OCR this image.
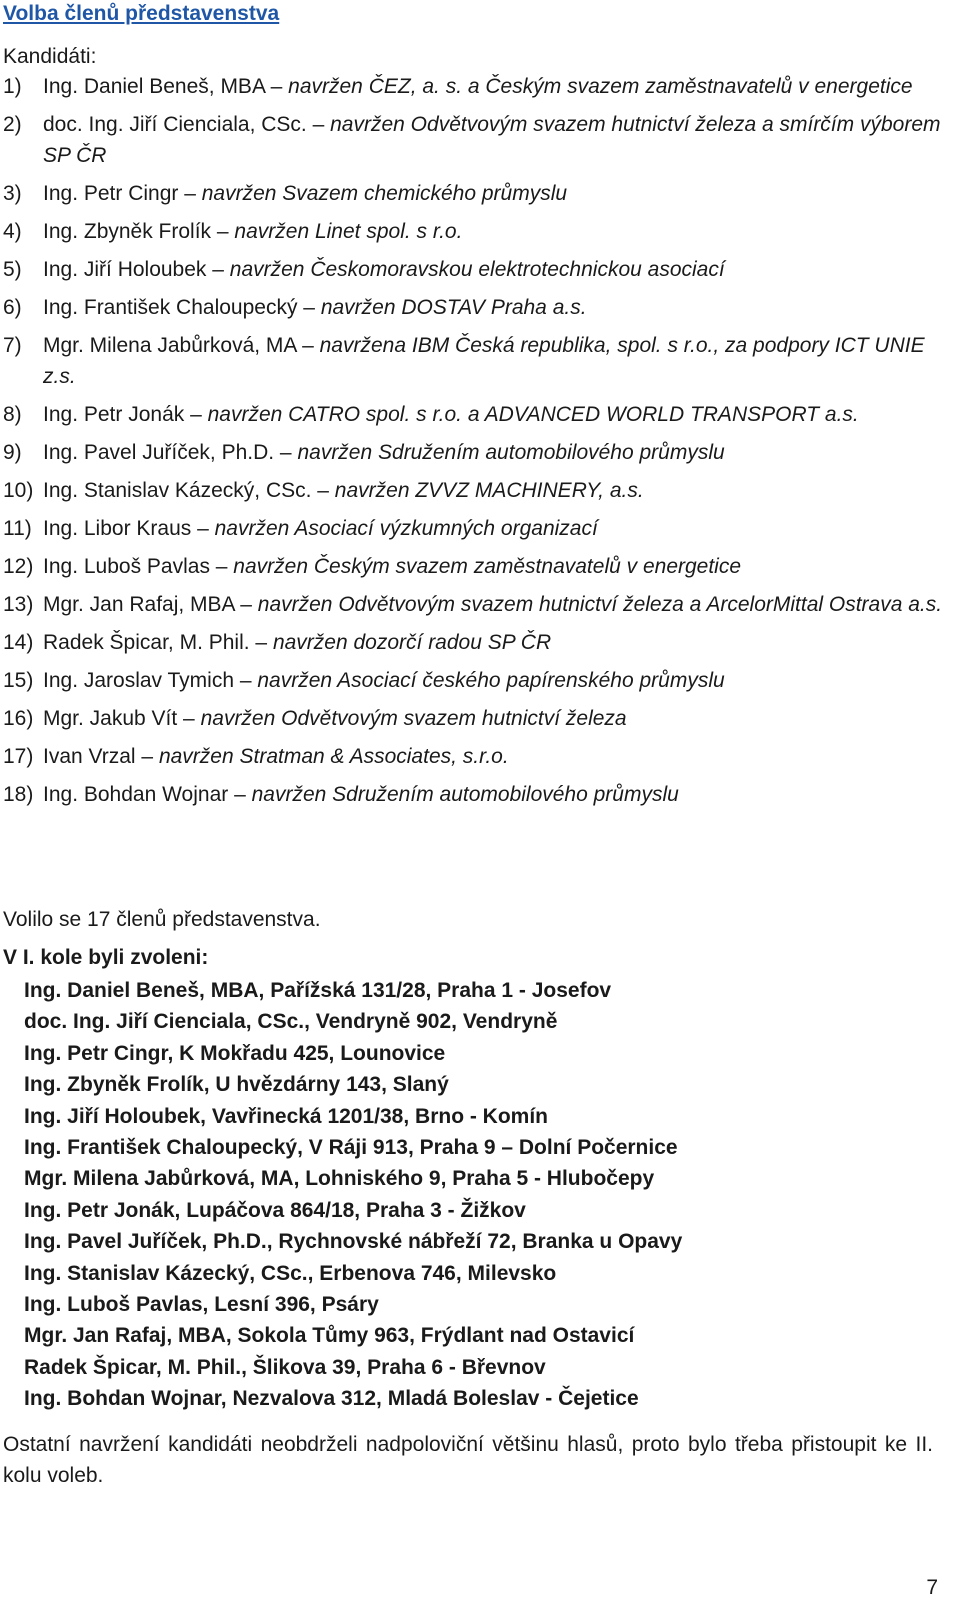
Volba členů představenstva
Kandidáti:
1)	Ing. Daniel Beneš, MBA – navržen ČEZ, a. s. a Českým svazem zaměstnavatelů v energetice
2)	doc. Ing. Jiří Cienciala, CSc. – navržen Odvětvovým svazem hutnictví železa a smírčím výborem SP ČR
3)	Ing. Petr Cingr – navržen Svazem chemického průmyslu
4)	Ing. Zbyněk Frolík – navržen Linet spol. s r.o.
5)	Ing. Jiří Holoubek – navržen Českomoravskou elektrotechnickou asociací
6)	Ing. František Chaloupecký – navržen DOSTAV Praha a.s.
7)	Mgr. Milena Jabůrková, MA – navržena IBM Česká republika, spol. s r.o., za podpory ICT UNIE z.s.
8)	Ing. Petr Jonák – navržen CATRO spol. s r.o. a ADVANCED WORLD TRANSPORT a.s.
9)	Ing. Pavel Juříček, Ph.D. – navržen Sdružením automobilového průmyslu
10) Ing. Stanislav Kázecký, CSc. – navržen ZVVZ MACHINERY, a.s.
11) Ing. Libor Kraus – navržen Asociací výzkumných organizací
12) Ing. Luboš Pavlas – navržen Českým svazem zaměstnavatelů v energetice
13) Mgr. Jan Rafaj, MBA – navržen Odvětvovým svazem hutnictví železa a ArcelorMittal Ostrava a.s.
14) Radek Špicar, M. Phil. – navržen dozorčí radou SP ČR
15) Ing. Jaroslav Tymich – navržen Asociací českého papírenského průmyslu
16) Mgr. Jakub Vít – navržen Odvětvovým svazem hutnictví železa
17) Ivan Vrzal – navržen Stratman & Associates, s.r.o.
18) Ing. Bohdan Wojnar – navržen Sdružením automobilového průmyslu
Volilo se 17 členů představenstva.
V I. kole byli zvoleni:
Ing. Daniel Beneš, MBA, Pařížská 131/28, Praha 1 - Josefov
doc. Ing. Jiří Cienciala, CSc., Vendryně 902, Vendryně
Ing. Petr Cingr, K Mokřadu 425, Lounovice
Ing. Zbyněk Frolík, U hvězdárny 143, Slaný
Ing. Jiří Holoubek, Vavřinecká 1201/38, Brno - Komín
Ing. František Chaloupecký, V Ráji 913, Praha 9 – Dolní Počernice
Mgr. Milena Jabůrková, MA, Lohniského 9, Praha 5 - Hlubočepy
Ing. Petr Jonák, Lupáčova 864/18, Praha 3 - Žižkov
Ing. Pavel Juříček, Ph.D., Rychnovské nábřeží 72, Branka u Opavy
Ing. Stanislav Kázecký, CSc., Erbenova 746, Milevsko
Ing. Luboš Pavlas, Lesní 396, Psáry
Mgr. Jan Rafaj, MBA, Sokola Tůmy 963, Frýdlant nad Ostavicí
Radek Špicar, M. Phil., Šlikova 39, Praha 6 - Břevnov
Ing. Bohdan Wojnar, Nezvalova 312, Mladá Boleslav - Čejetice
Ostatní navržení kandidáti neobdrželi nadpoloviční většinu hlasů, proto bylo třeba přistoupit ke II. kolu voleb.
7
